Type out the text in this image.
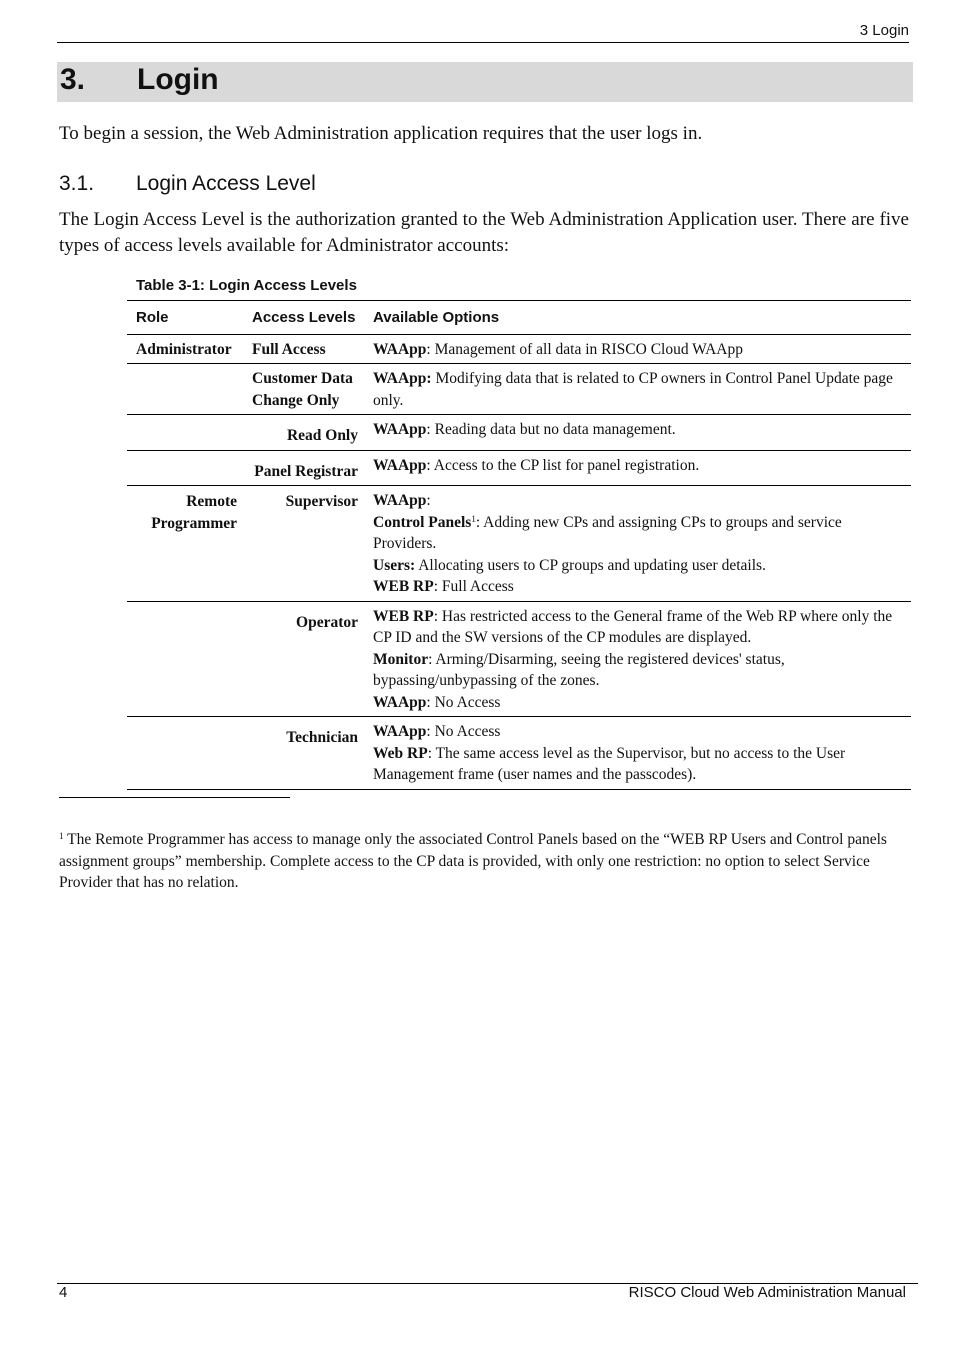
3 Login
3. Login

To begin a session, the Web Administration application requires that the user logs in.

3.1. Login Access Level

The Login Access Level is the authorization granted to the Web Administration Application user. There are five types of access levels available for Administrator accounts:

Table 3-1: Login Access Levels
Role	Access Levels	Available Options
Administrator	Full Access	WAApp: Management of all data in RISCO Cloud WAApp

	Customer Data Change Only	WAApp: Modifying data that is related to CP owners in Control Panel Update page only.

	Read Only	WAApp: Reading data but no data management.

	Panel Registrar	WAApp: Access to the CP list for panel registration.

Remote Programmer	Supervisor	WAApp:
Control Panels$^1$: Adding new CPs and assigning CPs to groups and service Providers.
Users: Allocating users to CP groups and updating user details.
WEB RP: Full Access

	Operator	WEB RP: Has restricted access to the General frame of the Web RP where only the CP ID and the SW versions of the CP modules are displayed.
Monitor: Arming/Disarming, seeing the registered devices' status, bypassing/unbypassing of the zones.
WAApp: No Access

	Technician	WAApp: No Access
Web RP: The same access level as the Supervisor, but no access to the User Management frame (user names and the passcodes).

$^1$ The Remote Programmer has access to manage only the associated Control Panels based on the “WEB RP Users and Control panels assignment groups” membership. Complete access to the CP data is provided, with only one restriction: no option to select Service Provider that has no relation.

4	RISCO Cloud Web Administration Manual
